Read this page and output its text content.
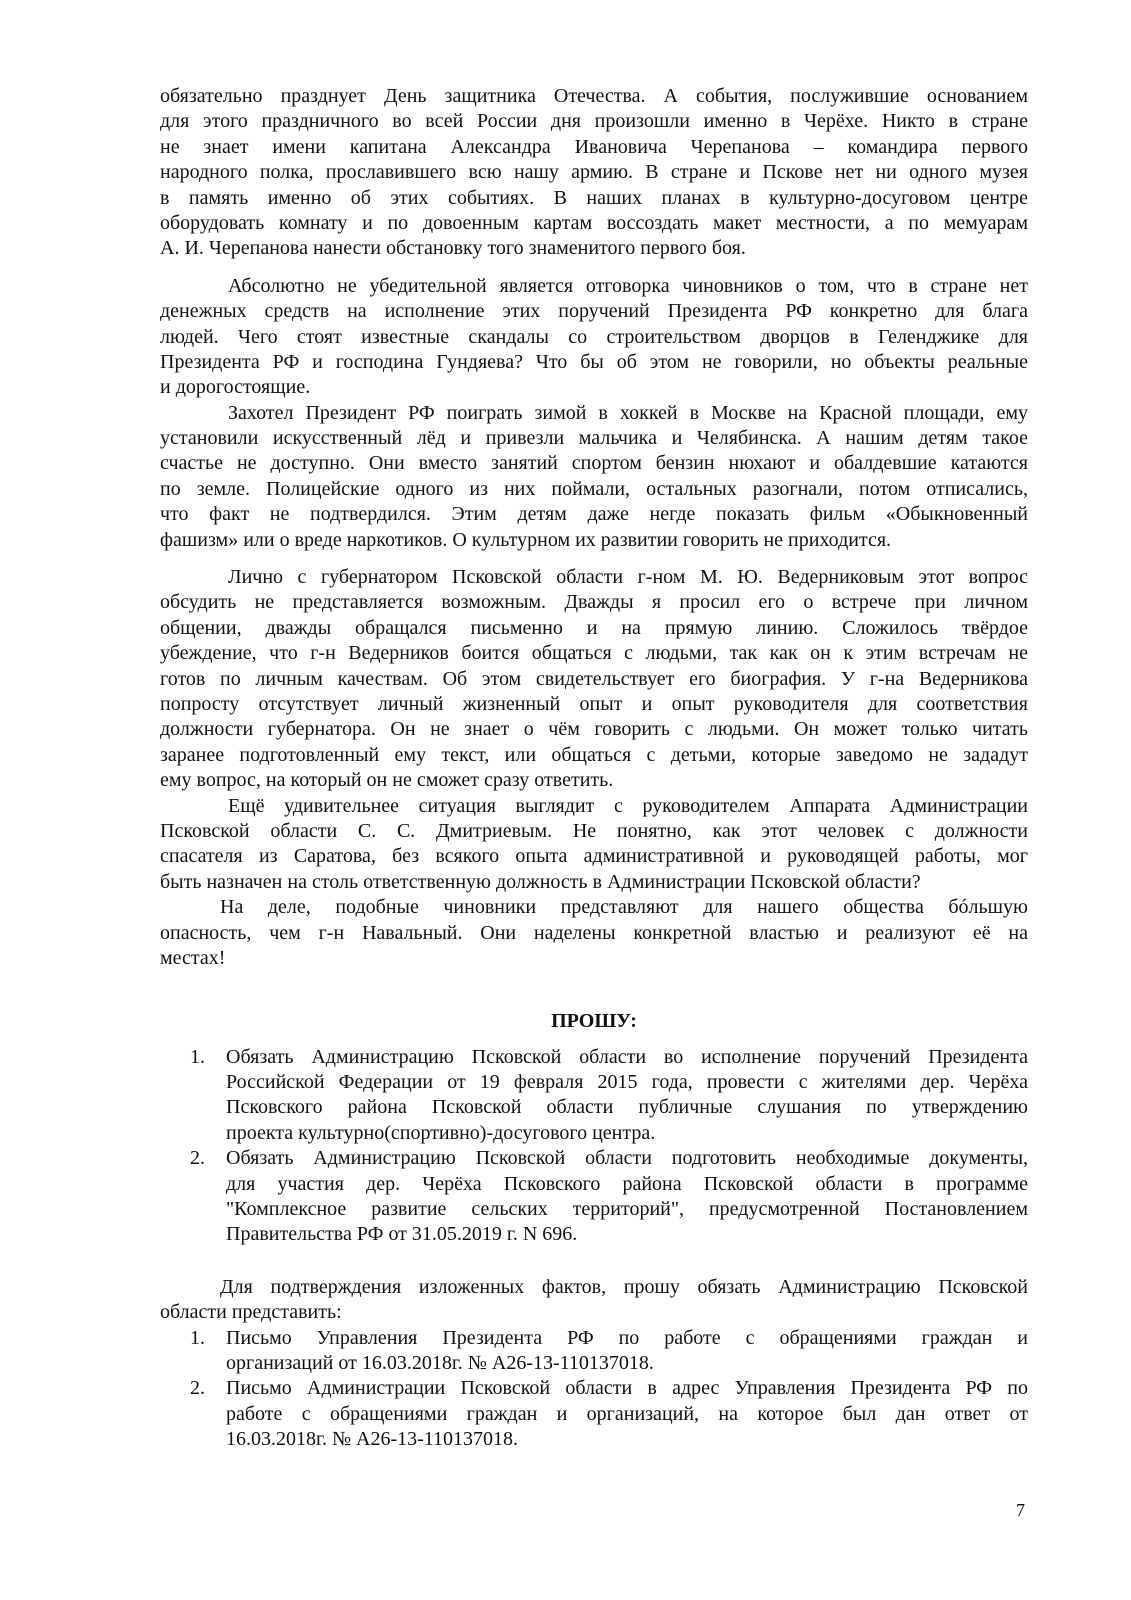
обязательно празднует День защитника Отечества. А события, послужившие основанием
для этого праздничного во всей России дня произошли именно в Черёхе. Никто в стране
не знает имени капитана Александра Ивановича Черепанова – командира первого
народного полка, прославившего всю нашу армию. В стране и Пскове нет ни одного музея
в память именно об этих событиях. В наших планах в культурно-досуговом центре
оборудовать комнату и по довоенным картам воссоздать макет местности, а по мемуарам
А. И. Черепанова нанести обстановку того знаменитого первого боя.
Абсолютно не убедительной является отговорка чиновников о том, что в стране нет
денежных средств на исполнение этих поручений Президента РФ конкретно для блага
людей. Чего стоят известные скандалы со строительством дворцов в Геленджике для
Президента РФ и господина Гундяева? Что бы об этом не говорили, но объекты реальные
и дорогостоящие.
Захотел Президент РФ поиграть зимой в хоккей в Москве на Красной площади, ему
установили искусственный лёд и привезли мальчика и Челябинска. А нашим детям такое
счастье не доступно. Они вместо занятий спортом бензин нюхают и обалдевшие катаются
по земле. Полицейские одного из них поймали, остальных разогнали, потом отписались,
что факт не подтвердился. Этим детям даже негде показать фильм «Обыкновенный
фашизм» или о вреде наркотиков. О культурном их развитии говорить не приходится.
Лично с губернатором Псковской области г-ном М. Ю. Ведерниковым этот вопрос
обсудить не представляется возможным. Дважды я просил его о встрече при личном
общении, дважды обращался письменно и на прямую линию. Сложилось твёрдое
убеждение, что г-н Ведерников боится общаться с людьми, так как он к этим встречам не
готов по личным качествам. Об этом свидетельствует его биография. У г-на Ведерникова
попросту отсутствует личный жизненный опыт и опыт руководителя для соответствия
должности губернатора. Он не знает о чём говорить с людьми. Он может только читать
заранее подготовленный ему текст, или общаться с детьми, которые заведомо не зададут
ему вопрос, на который он не сможет сразу ответить.
Ещё удивительнее ситуация выглядит с руководителем Аппарата Администрации
Псковской области С. С. Дмитриевым. Не понятно, как этот человек с должности
спасателя из Саратова, без всякого опыта административной и руководящей работы, мог
быть назначен на столь ответственную должность в Администрации Псковской области?
На деле, подобные чиновники представляют для нашего общества бóльшую
опасность, чем г-н Навальный. Они наделены конкретной властью и реализуют её на
местах!
ПРОШУ:
1. Обязать Администрацию Псковской области во исполнение поручений Президента
Российской Федерации от 19 февраля 2015 года, провести с жителями дер. Черёха
Псковского района Псковской области публичные слушания по утверждению
проекта культурно(спортивно)-досугового центра.
2. Обязать Администрацию Псковской области подготовить необходимые документы,
для участия дер. Черёха Псковского района Псковской области в программе
"Комплексное развитие сельских территорий", предусмотренной Постановлением
Правительства РФ от 31.05.2019 г. N 696.
Для подтверждения изложенных фактов, прошу обязать Администрацию Псковской
области представить:
1. Письмо Управления Президента РФ по работе с обращениями граждан и
организаций от 16.03.2018г. № А26-13-110137018.
2. Письмо Администрации Псковской области в адрес Управления Президента РФ по
работе с обращениями граждан и организаций, на которое был дан ответ от
16.03.2018г. № А26-13-110137018.
7
